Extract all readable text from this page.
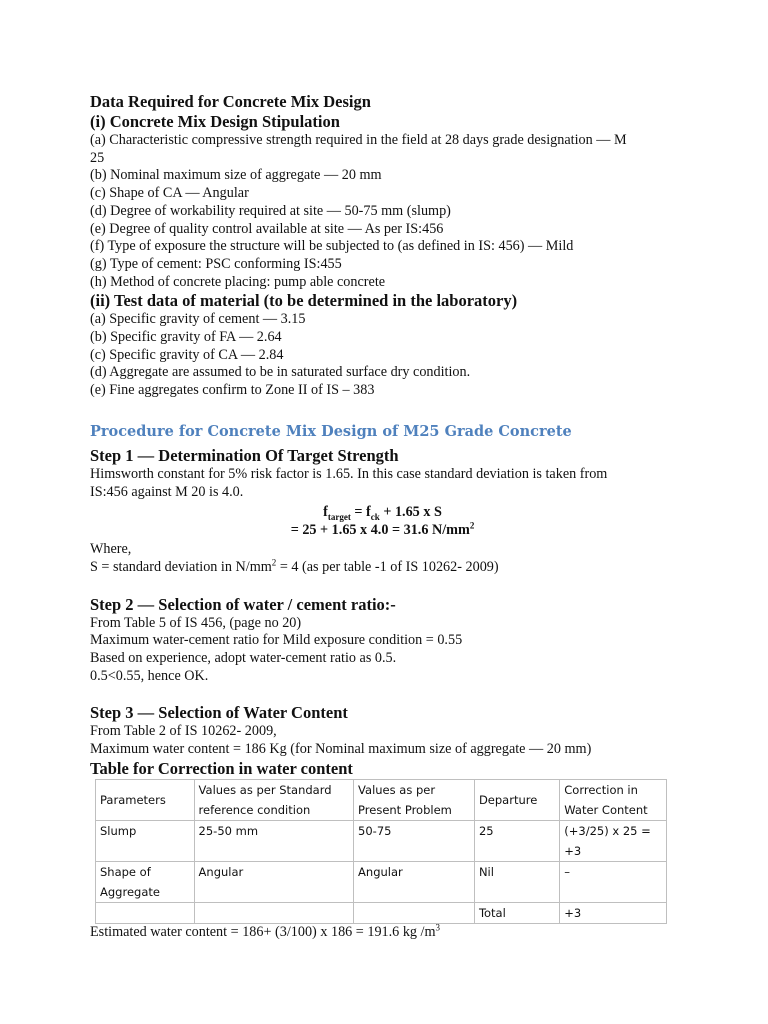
Data Required for Concrete Mix Design

(i) Concrete Mix Design Stipulation

(a) Characteristic compressive strength required in the field at 28 days grade designation — M

25

(b) Nominal maximum size of aggregate — 20 mm

(c) Shape of CA — Angular

(d) Degree of workability required at site — 50-75 mm (slump)

(e) Degree of quality control available at site — As per IS:456

(f) Type of exposure the structure will be subjected to (as defined in IS: 456) — Mild

(g) Type of cement: PSC conforming IS:455

(h) Method of concrete placing: pump able concrete

(ii) Test data of material (to be determined in the laboratory)

(a) Specific gravity of cement — 3.15

(b) Specific gravity of FA — 2.64

(c) Specific gravity of CA — 2.84

(d) Aggregate are assumed to be in saturated surface dry condition.

(e) Fine aggregates confirm to Zone II of IS – 383

Procedure for Concrete Mix Design of M25 Grade Concrete

Step 1 — Determination Of Target Strength

Himsworth constant for 5% risk factor is 1.65. In this case standard deviation is taken from

IS:456 against M 20 is 4.0.

$f_{target} = f_{ck} + 1.65$ x S

= 25 + 1.65 x 4.0 = 31.6 $N/mm^2$

Where,

S = standard deviation in $N/mm^2 = 4$ (as per table -1 of IS 10262- 2009)

Step 2 — Selection of water / cement ratio:-

From Table 5 of IS 456, (page no 20)

Maximum water-cement ratio for Mild exposure condition = 0.55

Based on experience, adopt water-cement ratio as 0.5.

0.5<0.55, hence OK.

Step 3 — Selection of Water Content

From Table 2 of IS 10262- 2009,

Maximum water content = 186 Kg (for Nominal maximum size of aggregate — 20 mm)

Table for Correction in water content

Parameters	Values as per Standard reference condition	Values as per Present Problem	Departure	Correction in Water Content
Slump	25-50 mm	50-75	25	(+3/25) x 25 = +3
Shape of Aggregate	Angular	Angular	Nil	–
			Total	+3

Estimated water content = 186+ (3/100) x 186 = 191.6 kg $/m^3$
